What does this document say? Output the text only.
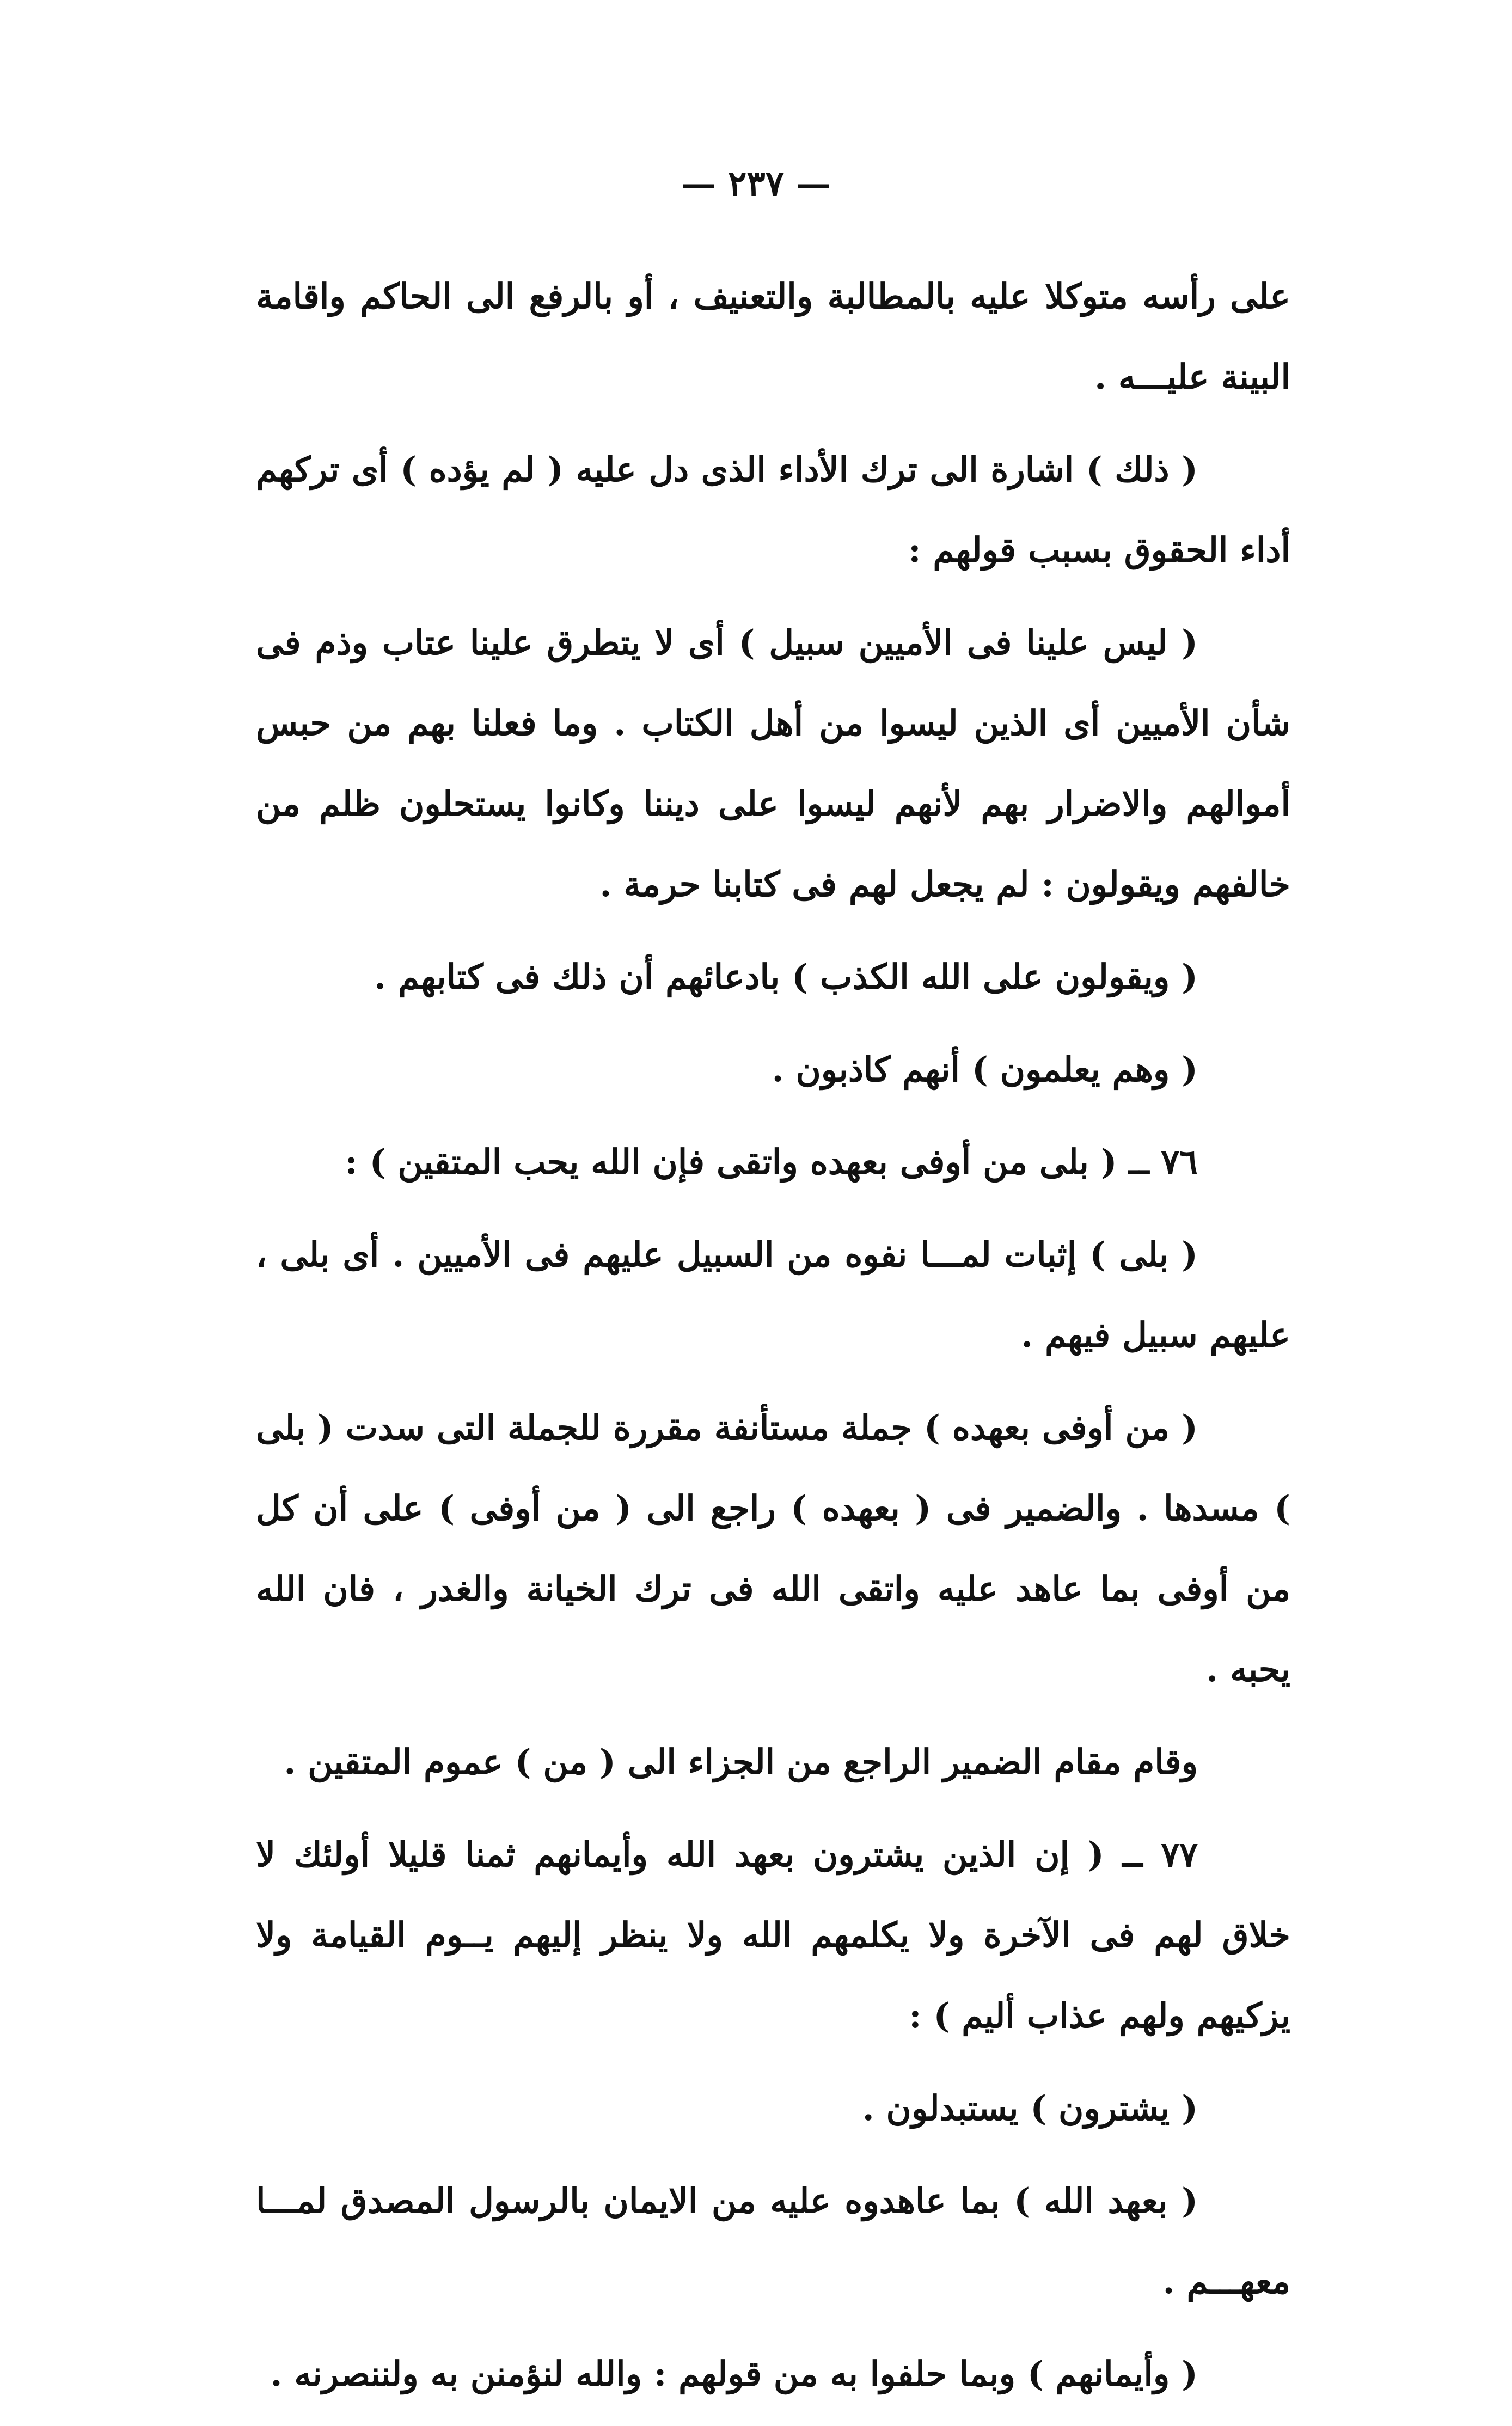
— ٢٣٧ —

على رأسه متوكلا عليه بالمطالبة والتعنيف ، أو بالرفع الى الحاكم واقامة البينة عليـــه .

( ذلك ) اشارة الى ترك الأداء الذى دل عليه ( لم يؤده ) أى تركهم أداء الحقوق بسبب قولهم :

( ليس علينا فى الأميين سبيل ) أى لا يتطرق علينا عتاب وذم فى شأن الأميين أى الذين ليسوا من أهل الكتاب . وما فعلنا بهم من حبس أموالهم والاضرار بهم لأنهم ليسوا على ديننا وكانوا يستحلون ظلم من خالفهم ويقولون : لم يجعل لهم فى كتابنا حرمة .

( ويقولون على الله الكذب ) بادعائهم أن ذلك فى كتابهم .

( وهم يعلمون ) أنهم كاذبون .

٧٦ ــ ( بلى من أوفى بعهده واتقى فإن الله يحب المتقين ) :

( بلى ) إثبات لمـــا نفوه من السبيل عليهم فى الأميين . أى بلى ، عليهم سبيل فيهم .

( من أوفى بعهده ) جملة مستأنفة مقررة للجملة التى سدت ( بلى ) مسدها . والضمير فى ( بعهده ) راجع الى ( من أوفى ) على أن كل من أوفى بما عاهد عليه واتقى الله فى ترك الخيانة والغدر ، فان الله يحبه .

وقام مقام الضمير الراجع من الجزاء الى ( من ) عموم المتقين .

٧٧ ــ ( إن الذين يشترون بعهد الله وأيمانهم ثمنا قليلا أولئك لا خلاق لهم فى الآخرة ولا يكلمهم الله ولا ينظر إليهم يــوم القيامة ولا يزكيهم ولهم عذاب أليم ) :

( يشترون ) يستبدلون .

( بعهد الله ) بما عاهدوه عليه من الايمان بالرسول المصدق لمـــا معهـــم .

( وأيمانهم ) وبما حلفوا به من قولهم : والله لنؤمنن به ولننصرنه .
